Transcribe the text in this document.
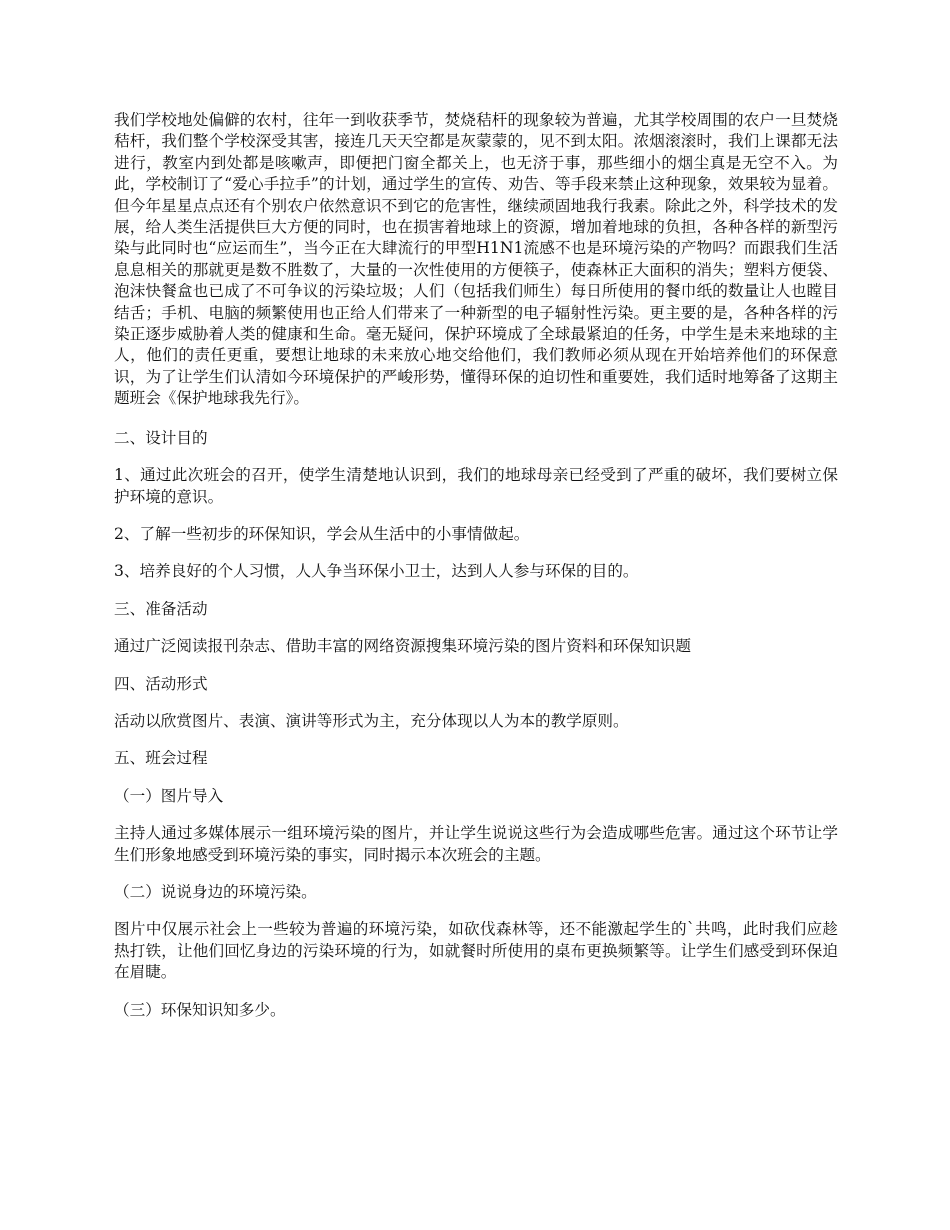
我们学校地处偏僻的农村，往年一到收获季节，焚烧秸杆的现象较为普遍，尤其学校周围的农户一旦焚烧秸杆，我们整个学校深受其害，接连几天天空都是灰蒙蒙的，见不到太阳。浓烟滚滚时，我们上课都无法进行，教室内到处都是咳嗽声，即便把门窗全都关上，也无济于事，那些细小的烟尘真是无空不入。为此，学校制订了“爱心手拉手”的计划，通过学生的宣传、劝告、等手段来禁止这种现象，效果较为显着。但今年星星点点还有个别农户依然意识不到它的危害性，继续顽固地我行我素。除此之外，科学技术的发展，给人类生活提供巨大方便的同时，也在损害着地球上的资源，增加着地球的负担，各种各样的新型污染与此同时也“应运而生”，当今正在大肆流行的甲型H1N1流感不也是环境污染的产物吗？而跟我们生活息息相关的那就更是数不胜数了，大量的一次性使用的方便筷子，使森林正大面积的消失；塑料方便袋、泡沫快餐盒也已成了不可争议的污染垃圾；人们（包括我们师生）每日所使用的餐巾纸的数量让人也瞠目结舌；手机、电脑的频繁使用也正给人们带来了一种新型的电子辐射性污染。更主要的是，各种各样的污染正逐步威胁着人类的健康和生命。毫无疑问，保护环境成了全球最紧迫的任务，中学生是未来地球的主人，他们的责任更重，要想让地球的未来放心地交给他们，我们教师必须从现在开始培养他们的环保意识，为了让学生们认清如今环境保护的严峻形势，懂得环保的迫切性和重要姓，我们适时地筹备了这期主题班会《保护地球我先行》。

二、设计目的

1、通过此次班会的召开，使学生清楚地认识到，我们的地球母亲已经受到了严重的破坏，我们要树立保护环境的意识。

2、了解一些初步的环保知识，学会从生活中的小事情做起。

3、培养良好的个人习惯，人人争当环保小卫士，达到人人参与环保的目的。

三、准备活动

通过广泛阅读报刊杂志、借助丰富的网络资源搜集环境污染的图片资料和环保知识题

四、活动形式

活动以欣赏图片、表演、演讲等形式为主，充分体现以人为本的教学原则。

五、班会过程

（一）图片导入

主持人通过多媒体展示一组环境污染的图片，并让学生说说这些行为会造成哪些危害。通过这个环节让学生们形象地感受到环境污染的事实，同时揭示本次班会的主题。

（二）说说身边的环境污染。

图片中仅展示社会上一些较为普遍的环境污染，如砍伐森林等，还不能激起学生的`共鸣，此时我们应趁热打铁，让他们回忆身边的污染环境的行为，如就餐时所使用的桌布更换频繁等。让学生们感受到环保迫在眉睫。

（三）环保知识知多少。
